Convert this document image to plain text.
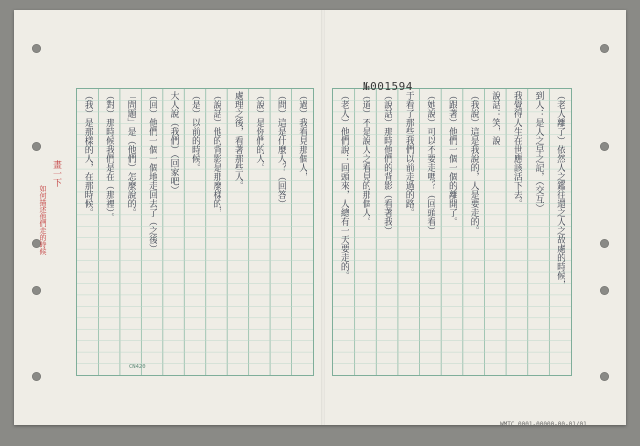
（過）我看見那個人，
（問）這是什麼人？（回答）
（說）是你們的人。
處理之後，看著那些人。
（說話）他的背影是那麼樣的，
（是）以前的時候。
大人說（我們）（回家吧）
（回）他們一個一個地走回去了（之後）
「問題」是（他們）怎麼說的。
（對）那時候我們是在（那裡）。
（我）是那樣的人，在那時候。	（老人離了）依然人之鑑往還之人之故處的時候，
到人：是人之早之記，（交互）
我覺得人生在世應該活下去。
說話：笑，說
（我說）這是我說的，人是要走的。
（跟著）他們一個一個的離開了。
（她說）可以不要走嗎？（回頭看）
于看了那些我們以前走過的路。
（說話）那時他們的背影（看著我）
（道）不是說人之看見的那個人。
（老人）他們說：回頭來，人總有一天要走的。
№001594
CN420
WMTC 0001-00000-00-01/01
畫一下
如何描述他們走的時候
